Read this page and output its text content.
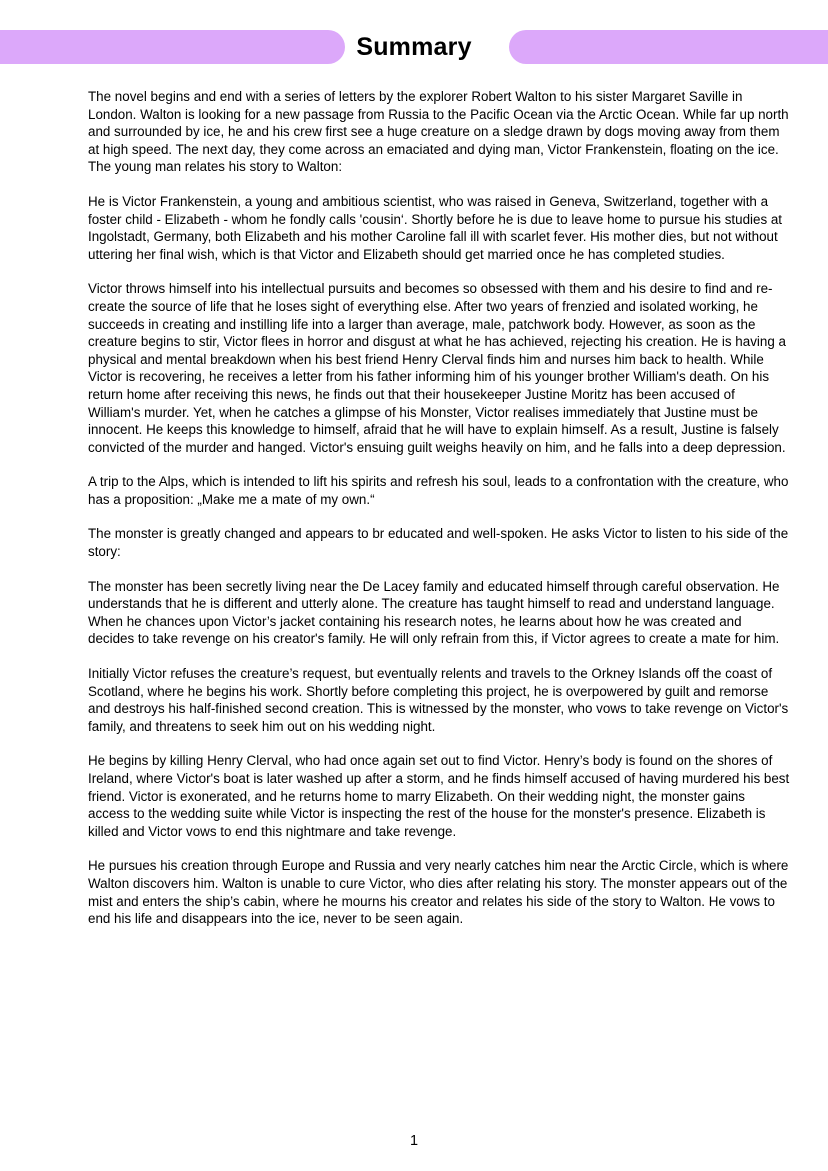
Summary

The novel begins and end with a series of letters by the explorer Robert Walton to his sister Margaret Saville in London. Walton is looking for a new passage from Russia to the Pacific Ocean via the Arctic Ocean. While far up north and surrounded by ice, he and his crew first see a huge creature on a sledge drawn by dogs moving away from them at high speed. The next day, they come across an emaciated and dying man, Victor Frankenstein, floating on the ice. The young man relates his story to Walton:

He is Victor Frankenstein, a young and ambitious scientist, who was raised in Geneva, Switzerland, together with a foster child - Elizabeth - whom he fondly calls 'cousin‘. Shortly before he is due to leave home to pursue his studies at Ingolstadt, Germany, both Elizabeth and his mother Caroline fall ill with scarlet fever. His mother dies, but not without uttering her final wish, which is that Victor and Elizabeth should get married once he has completed studies.

Victor throws himself into his intellectual pursuits and becomes so obsessed with them and his desire to find and re-create the source of life that he loses sight of everything else. After two years of frenzied and isolated working, he succeeds in creating and instilling life into a larger than average, male, patchwork body. However, as soon as the creature begins to stir, Victor flees in horror and disgust at what he has achieved, rejecting his creation. He is having a physical and mental breakdown when his best friend Henry Clerval finds him and nurses him back to health. While Victor is recovering, he receives a letter from his father informing him of his younger brother William's death. On his return home after receiving this news, he finds out that their housekeeper Justine Moritz has been accused of William's murder. Yet, when he catches a glimpse of his Monster, Victor realises immediately that Justine must be innocent. He keeps this knowledge to himself, afraid that he will have to explain himself. As a result, Justine is falsely convicted of the murder and hanged. Victor's ensuing guilt weighs heavily on him, and he falls into a deep depression.

A trip to the Alps, which is intended to lift his spirits and refresh his soul, leads to a confrontation with the creature, who has a proposition: „Make me a mate of my own.“

The monster is greatly changed and appears to br educated and well-spoken. He asks Victor to listen to his side of the story:

The monster has been secretly living near the De Lacey family and educated himself through careful observation. He understands that he is different and utterly alone. The creature has taught himself to read and understand language. When he chances upon Victor’s jacket containing his research notes, he learns about how he was created and decides to take revenge on his creator's family. He will only refrain from this, if Victor agrees to create a mate for him.

Initially Victor refuses the creature’s request, but eventually relents and travels to the Orkney Islands off the coast of Scotland, where he begins his work. Shortly before completing this project, he is overpowered by guilt and remorse and destroys his half-finished second creation. This is witnessed by the monster, who vows to take revenge on Victor's family, and threatens to seek him out on his wedding night.

He begins by killing Henry Clerval, who had once again set out to find Victor. Henry’s body is found on the shores of Ireland, where Victor's boat is later washed up after a storm, and he finds himself accused of having murdered his best friend. Victor is exonerated, and he returns home to marry Elizabeth. On their wedding night, the monster gains access to the wedding suite while Victor is inspecting the rest of the house for the monster's presence. Elizabeth is killed and Victor vows to end this nightmare and take revenge.

He pursues his creation through Europe and Russia and very nearly catches him near the Arctic Circle, which is where Walton discovers him. Walton is unable to cure Victor, who dies after relating his story. The monster appears out of the mist and enters the ship’s cabin, where he mourns his creator and relates his side of the story to Walton. He vows to end his life and disappears into the ice, never to be seen again.

1
